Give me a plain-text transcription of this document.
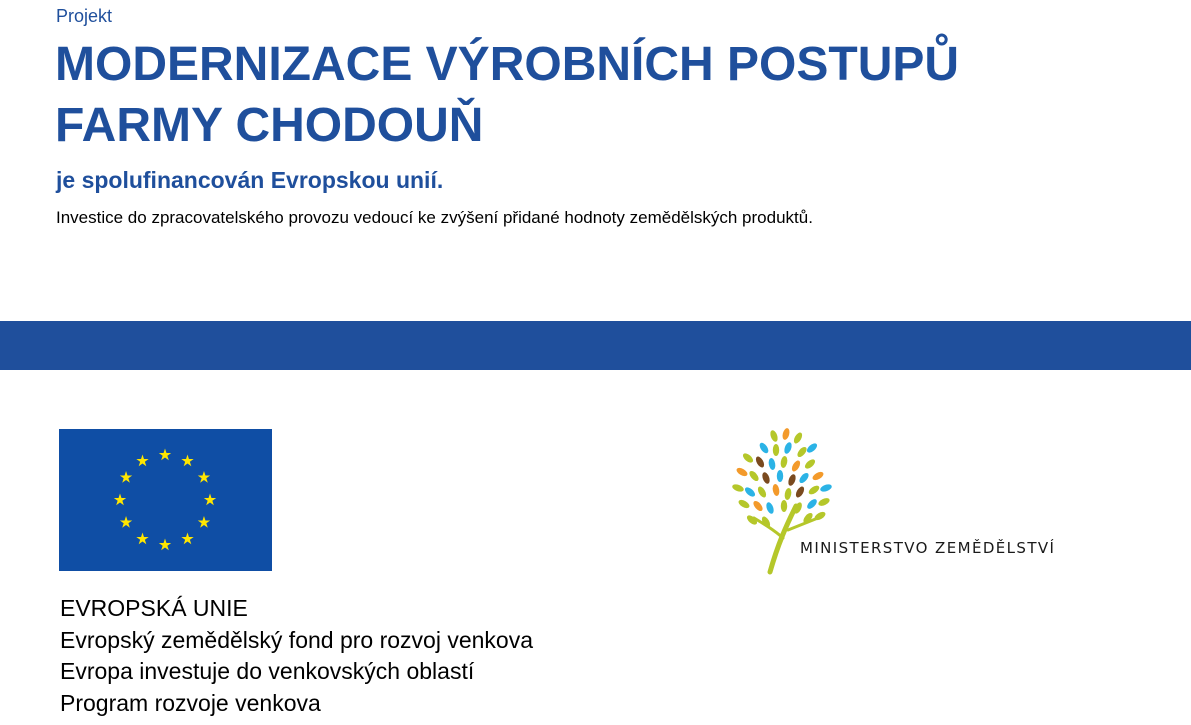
Projekt
MODERNIZACE VÝROBNÍCH POSTUPŮ
FARMY CHODOUŇ
je spolufinancován Evropskou unií.
Investice do zpracovatelského provozu vedoucí ke zvýšení přidané hodnoty zemědělských produktů.
EVROPSKÁ UNIE
Evropský zemědělský fond pro rozvoj venkova
Evropa investuje do venkovských oblastí
Program rozvoje venkova
MINISTERSTVO ZEMĚDĚLSTVÍ
